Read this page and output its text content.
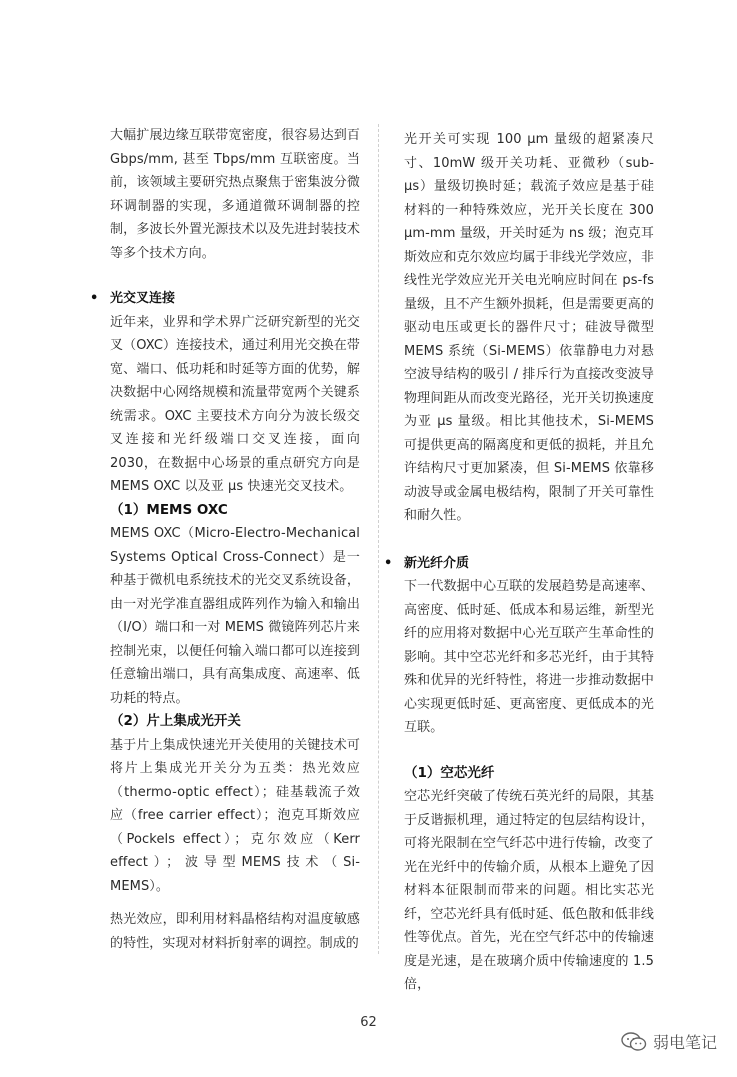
大幅扩展边缘互联带宽密度，很容易达到百Gbps/mm, 甚至 Tbps/mm 互联密度。当前，该领域主要研究热点聚焦于密集波分微环调制器的实现，多通道微环调制器的控制，多波长外置光源技术以及先进封装技术等多个技术方向。

• 光交叉连接

近年来，业界和学术界广泛研究新型的光交叉（OXC）连接技术，通过利用光交换在带宽、端口、低功耗和时延等方面的优势，解决数据中心网络规模和流量带宽两个关键系统需求。OXC 主要技术方向分为波长级交叉连接和光纤级端口交叉连接，面向 2030，在数据中心场景的重点研究方向是 MEMS OXC 以及亚 μs 快速光交叉技术。

（1）MEMS OXC

MEMS OXC（Micro-Electro-Mechanical Systems Optical Cross-Connect）是一种基于微机电系统技术的光交叉系统设备，由一对光学准直器组成阵列作为输入和输出（I/O）端口和一对 MEMS 微镜阵列芯片来控制光束，以便任何输入端口都可以连接到任意输出端口，具有高集成度、高速率、低功耗的特点。

（2）片上集成光开关

基于片上集成快速光开关使用的关键技术可将片上集成光开关分为五类：热光效应（thermo-optic effect）；硅基载流子效应（free carrier effect）；泡克耳斯效应（Pockels effect）；克尔效应（Kerr effect）；波导型MEMS技术（Si-MEMS）。

热光效应，即利用材料晶格结构对温度敏感的特性，实现对材料折射率的调控。制成的

光开关可实现 100 μm 量级的超紧凑尺寸、10mW 级开关功耗、亚微秒（sub-μs）量级切换时延；载流子效应是基于硅材料的一种特殊效应，光开关长度在 300 μm-mm 量级，开关时延为 ns 级；泡克耳斯效应和克尔效应均属于非线光学效应，非线性光学效应光开关电光响应时间在 ps-fs 量级，且不产生额外损耗，但是需要更高的驱动电压或更长的器件尺寸；硅波导微型 MEMS 系统（Si-MEMS）依靠静电力对悬空波导结构的吸引 / 排斥行为直接改变波导物理间距从而改变光路径，光开关切换速度为亚 μs 量级。相比其他技术，Si-MEMS 可提供更高的隔离度和更低的损耗，并且允许结构尺寸更加紧凑，但 Si-MEMS 依靠移动波导或金属电极结构，限制了开关可靠性和耐久性。

• 新光纤介质

下一代数据中心互联的发展趋势是高速率、高密度、低时延、低成本和易运维，新型光纤的应用将对数据中心光互联产生革命性的影响。其中空芯光纤和多芯光纤，由于其特殊和优异的光纤特性，将进一步推动数据中心实现更低时延、更高密度、更低成本的光互联。

（1）空芯光纤

空芯光纤突破了传统石英光纤的局限，其基于反谐振机理，通过特定的包层结构设计，可将光限制在空气纤芯中进行传输，改变了光在光纤中的传输介质，从根本上避免了因材料本征限制而带来的问题。相比实芯光纤，空芯光纤具有低时延、低色散和低非线性等优点。首先，光在空气纤芯中的传输速度是光速，是在玻璃介质中传输速度的 1.5 倍，

62
弱电笔记
